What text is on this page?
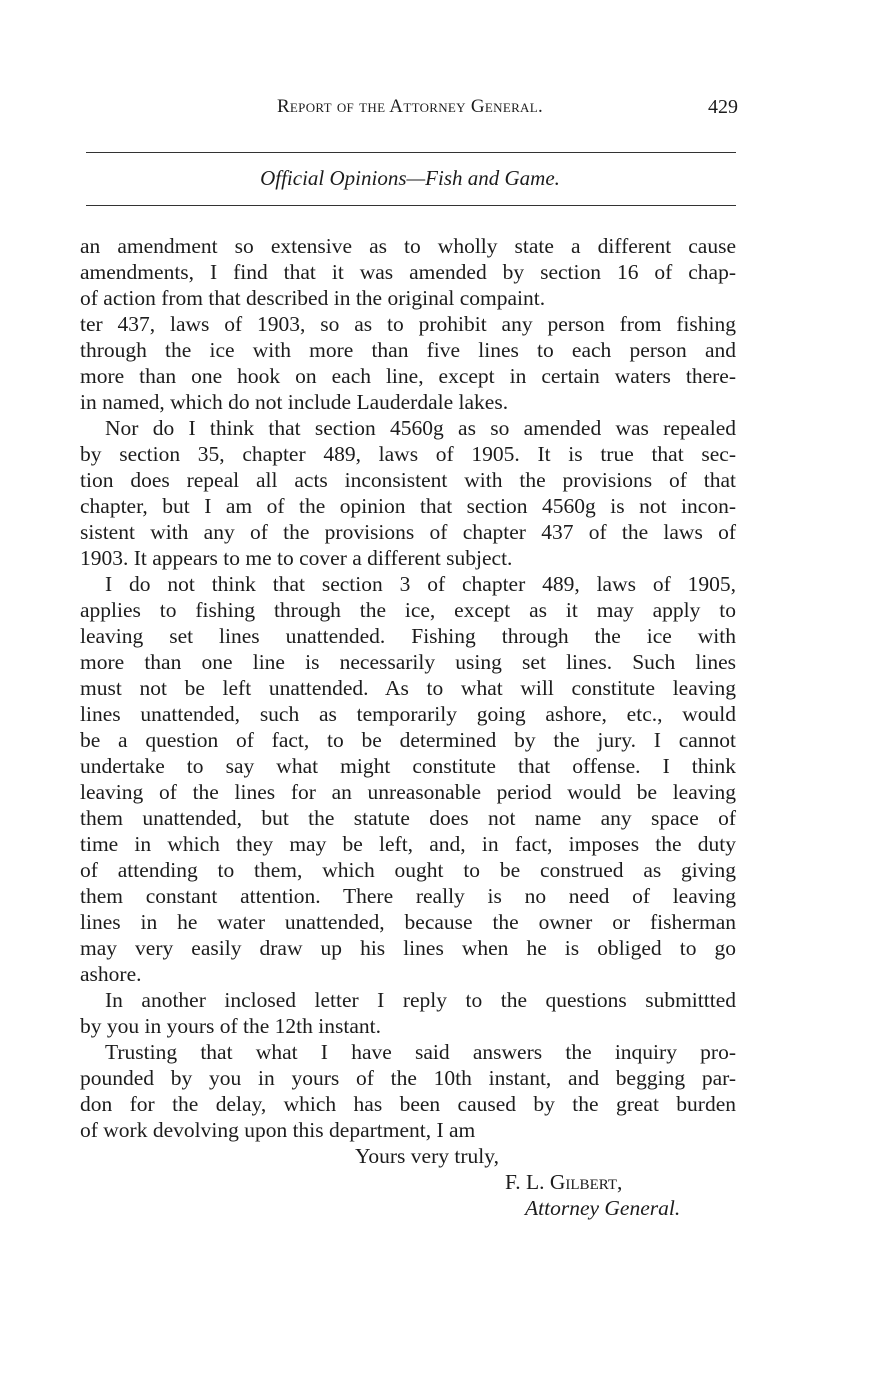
Report of the Attorney General.	429
Official Opinions—Fish and Game.
an amendment so extensive as to wholly state a different cause
amendments, I find that it was amended by section 16 of chap-
of action from that described in the original compaint.
ter 437, laws of 1903, so as to prohibit any person from fishing
through the ice with more than five lines to each person and
more than one hook on each line, except in certain waters there-
in named, which do not include Lauderdale lakes.
Nor do I think that section 4560g as so amended was repealed
by section 35, chapter 489, laws of 1905. It is true that sec-
tion does repeal all acts inconsistent with the provisions of that
chapter, but I am of the opinion that section 4560g is not incon-
sistent with any of the provisions of chapter 437 of the laws of
1903. It appears to me to cover a different subject.
I do not think that section 3 of chapter 489, laws of 1905,
applies to fishing through the ice, except as it may apply to
leaving set lines unattended. Fishing through the ice with
more than one line is necessarily using set lines. Such lines
must not be left unattended. As to what will constitute leaving
lines unattended, such as temporarily going ashore, etc., would
be a question of fact, to be determined by the jury. I cannot
undertake to say what might constitute that offense. I think
leaving of the lines for an unreasonable period would be leaving
them unattended, but the statute does not name any space of
time in which they may be left, and, in fact, imposes the duty
of attending to them, which ought to be construed as giving
them constant attention. There really is no need of leaving
lines in he water unattended, because the owner or fisherman
may very easily draw up his lines when he is obliged to go
ashore.
In another inclosed letter I reply to the questions submittted
by you in yours of the 12th instant.
Trusting that what I have said answers the inquiry pro-
pounded by you in yours of the 10th instant, and begging par-
don for the delay, which has been caused by the great burden
of work devolving upon this department, I am
Yours very truly,
F. L. Gilbert,
Attorney General.
